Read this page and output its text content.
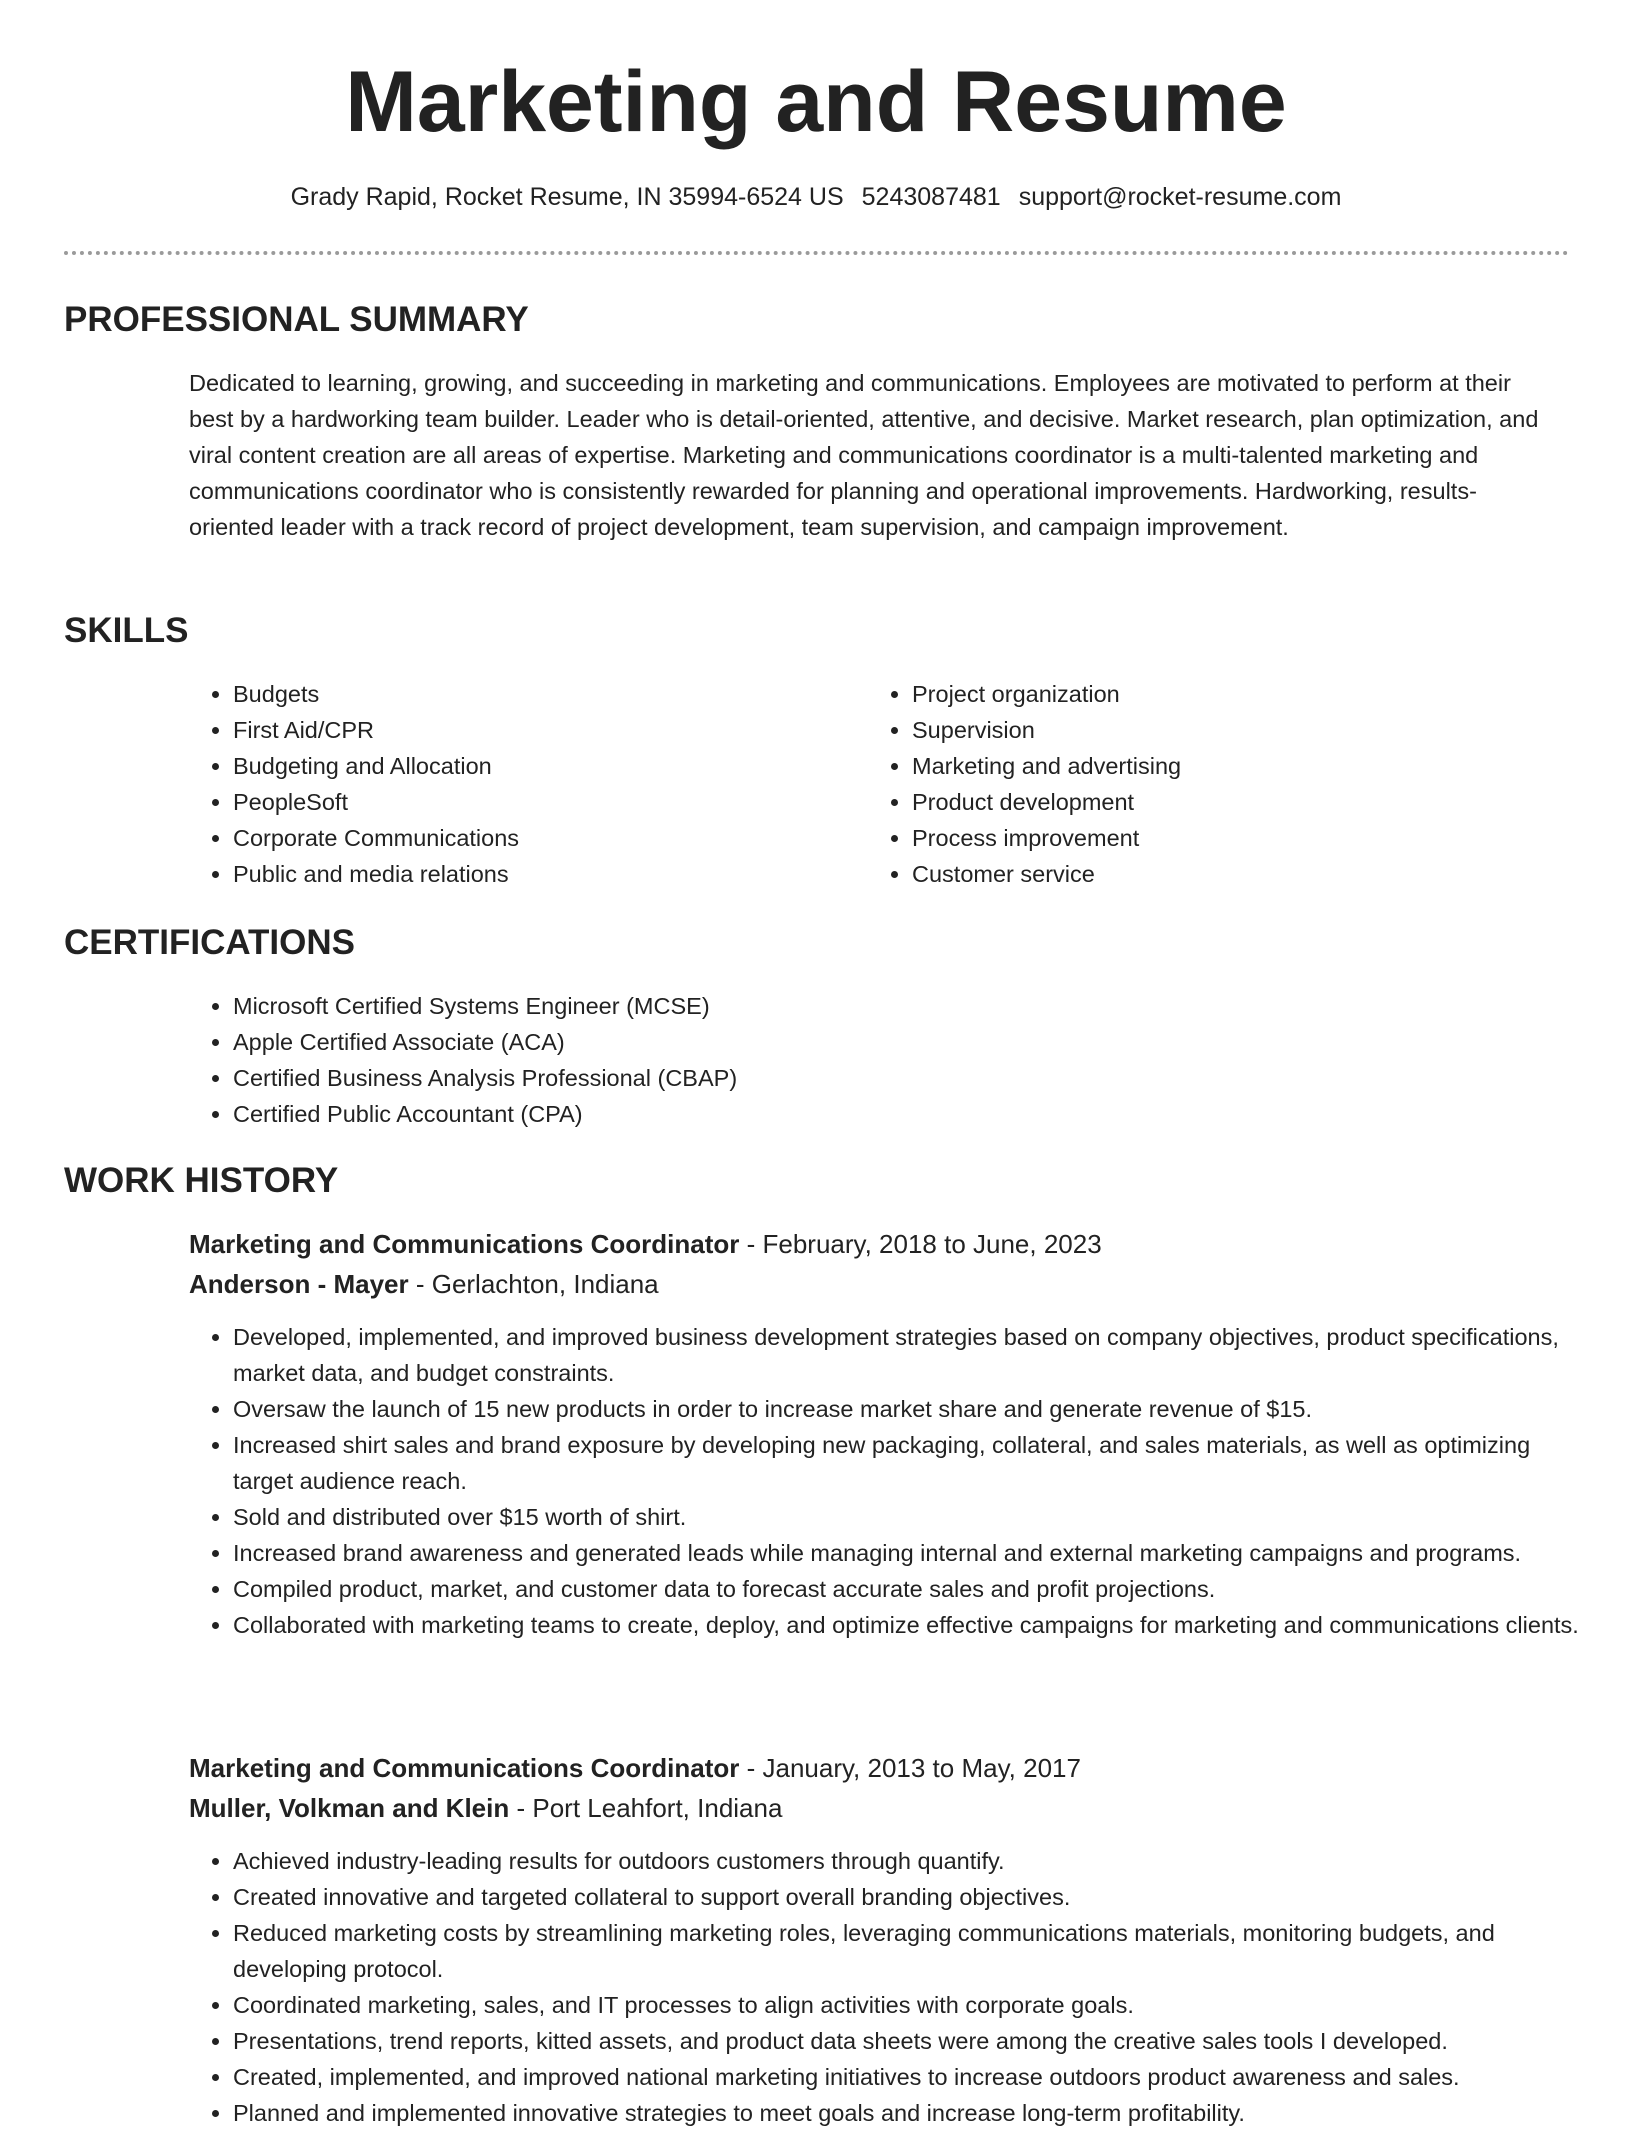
Marketing and Resume
Grady Rapid, Rocket Resume, IN 35994-6524 US 5243087481 support@rocket-resume.com
PROFESSIONAL SUMMARY

Dedicated to learning, growing, and succeeding in marketing and communications. Employees are motivated to perform at their best by a hardworking team builder. Leader who is detail-oriented, attentive, and decisive. Market research, plan optimization, and viral content creation are all areas of expertise. Marketing and communications coordinator is a multi-talented marketing and communications coordinator who is consistently rewarded for planning and operational improvements. Hardworking, results-oriented leader with a track record of project development, team supervision, and campaign improvement.

SKILLS
• Budgets
• First Aid/CPR
• Budgeting and Allocation
• PeopleSoft
• Corporate Communications
• Public and media relations
• Project organization
• Supervision
• Marketing and advertising
• Product development
• Process improvement
• Customer service
CERTIFICATIONS
• Microsoft Certified Systems Engineer (MCSE)
• Apple Certified Associate (ACA)
• Certified Business Analysis Professional (CBAP)
• Certified Public Accountant (CPA)
WORK HISTORY
Marketing and Communications Coordinator - February, 2018 to June, 2023
Anderson - Mayer - Gerlachton, Indiana
• Developed, implemented, and improved business development strategies based on company objectives, product specifications, market data, and budget constraints.
• Oversaw the launch of 15 new products in order to increase market share and generate revenue of $15.
• Increased shirt sales and brand exposure by developing new packaging, collateral, and sales materials, as well as optimizing target audience reach.
• Sold and distributed over $15 worth of shirt.
• Increased brand awareness and generated leads while managing internal and external marketing campaigns and programs.
• Compiled product, market, and customer data to forecast accurate sales and profit projections.
• Collaborated with marketing teams to create, deploy, and optimize effective campaigns for marketing and communications clients.
Marketing and Communications Coordinator - January, 2013 to May, 2017
Muller, Volkman and Klein - Port Leahfort, Indiana
• Achieved industry-leading results for outdoors customers through quantify.
• Created innovative and targeted collateral to support overall branding objectives.
• Reduced marketing costs by streamlining marketing roles, leveraging communications materials, monitoring budgets, and developing protocol.
• Coordinated marketing, sales, and IT processes to align activities with corporate goals.
• Presentations, trend reports, kitted assets, and product data sheets were among the creative sales tools I developed.
• Created, implemented, and improved national marketing initiatives to increase outdoors product awareness and sales.
• Planned and implemented innovative strategies to meet goals and increase long-term profitability.
